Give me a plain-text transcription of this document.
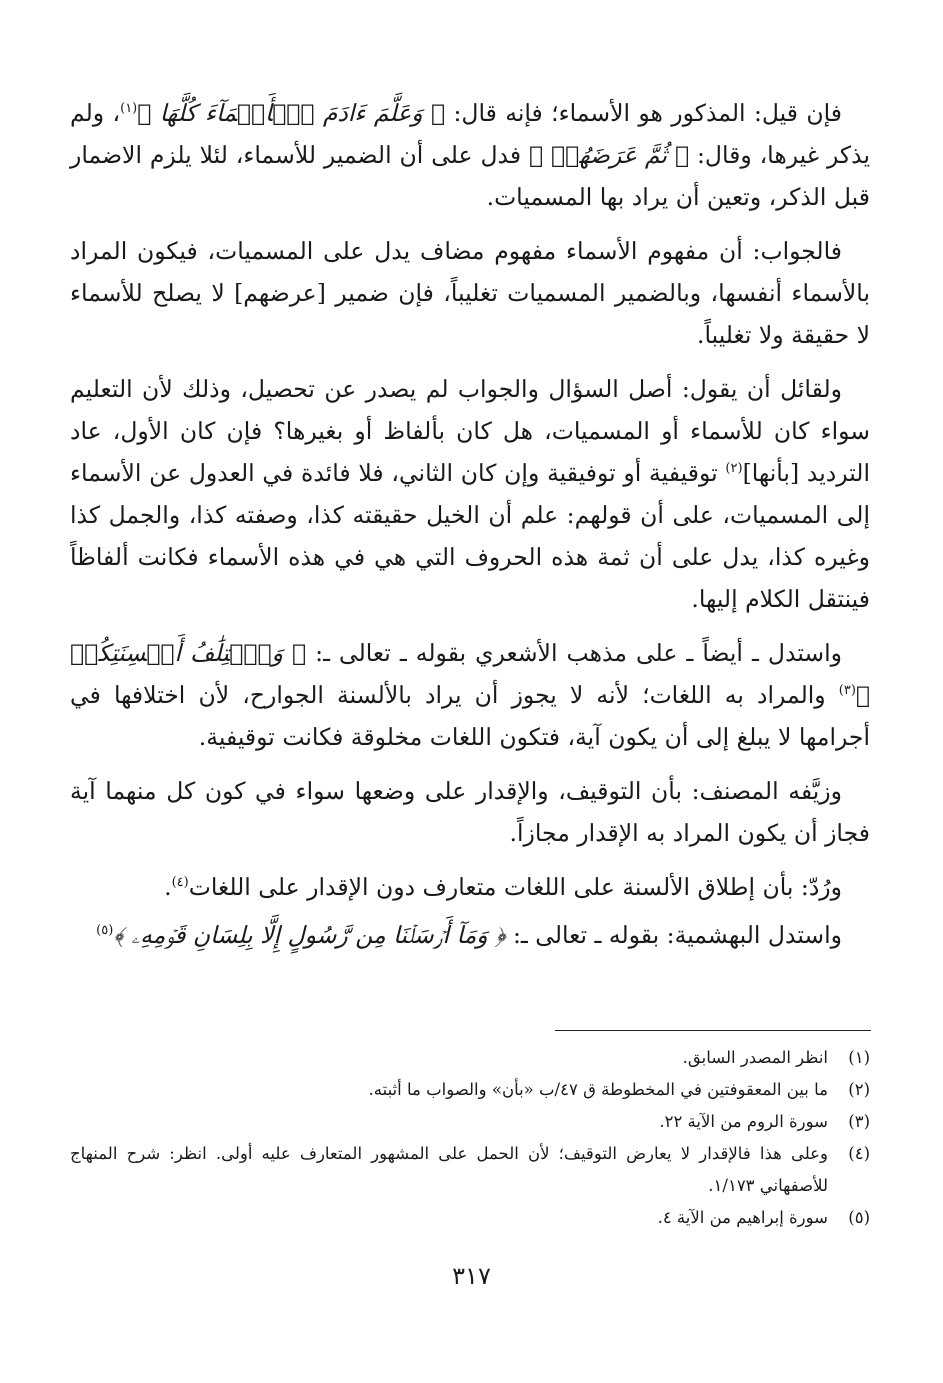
فإن قيل: المذكور هو الأسماء؛ فإنه قال: ﴿ وَعَلَّمَ ءَادَمَ ٱلۡأَسۡمَآءَ كُلَّهَا ﴾$^{(١)}$، ولم يذكر غيرها، وقال: ﴿ ثُمَّ عَرَضَهُمۡ ﴾ فدل على أن الضمير للأسماء، لئلا يلزم الاضمار قبل الذكر، وتعين أن يراد بها المسميات.

فالجواب: أن مفهوم الأسماء مفهوم مضاف يدل على المسميات، فيكون المراد بالأسماء أنفسها، وبالضمير المسميات تغليباً، فإن ضمير [عرضهم] لا يصلح للأسماء لا حقيقة ولا تغليباً.

ولقائل أن يقول: أصل السؤال والجواب لم يصدر عن تحصيل، وذلك لأن التعليم سواء كان للأسماء أو المسميات، هل كان بألفاظ أو بغيرها؟ فإن كان الأول، عاد الترديد [بأنها]$^{(٢)}$ توقيفية أو توفيقية وإن كان الثاني، فلا فائدة في العدول عن الأسماء إلى المسميات، على أن قولهم: علم أن الخيل حقيقته كذا، وصفته كذا، والجمل كذا وغيره كذا، يدل على أن ثمة هذه الحروف التي هي في هذه الأسماء فكانت ألفاظاً فينتقل الكلام إليها.

واستدل ـ أيضاً ـ على مذهب الأشعري بقوله ـ تعالى ـ: ﴿ وَٱخۡتِلَٰفُ أَلۡسِنَتِكُمۡ ﴾$^{(٣)}$ والمراد به اللغات؛ لأنه لا يجوز أن يراد بالألسنة الجوارح، لأن اختلافها في أجرامها لا يبلغ إلى أن يكون آية، فتكون اللغات مخلوقة فكانت توقيفية.

وزيَّفه المصنف: بأن التوقيف، والإقدار على وضعها سواء في كون كل منهما آية فجاز أن يكون المراد به الإقدار مجازاً.

ورُدّ: بأن إطلاق الألسنة على اللغات متعارف دون الإقدار على اللغات$^{(٤)}$.

واستدل البهشمية: بقوله ـ تعالى ـ: ﴿ وَمَآ أَرۡسَلۡنَا مِن رَّسُولٍ إِلَّا بِلِسَانِ قَوۡمِهِۦ ﴾$^{(٥)}$

(١)
انظر المصدر السابق.
(٢)
ما بين المعقوفتين في المخطوطة ق ٤٧/ب «بأن» والصواب ما أثبته.
(٣)
سورة الروم من الآية ٢٢.
(٤)
وعلى هذا فالإقدار لا يعارض التوقيف؛ لأن الحمل على المشهور المتعارف عليه أولى. انظر: شرح المنهاج للأصفهاني ١/١٧٣.
(٥)
سورة إبراهيم من الآية ٤.
٣١٧
